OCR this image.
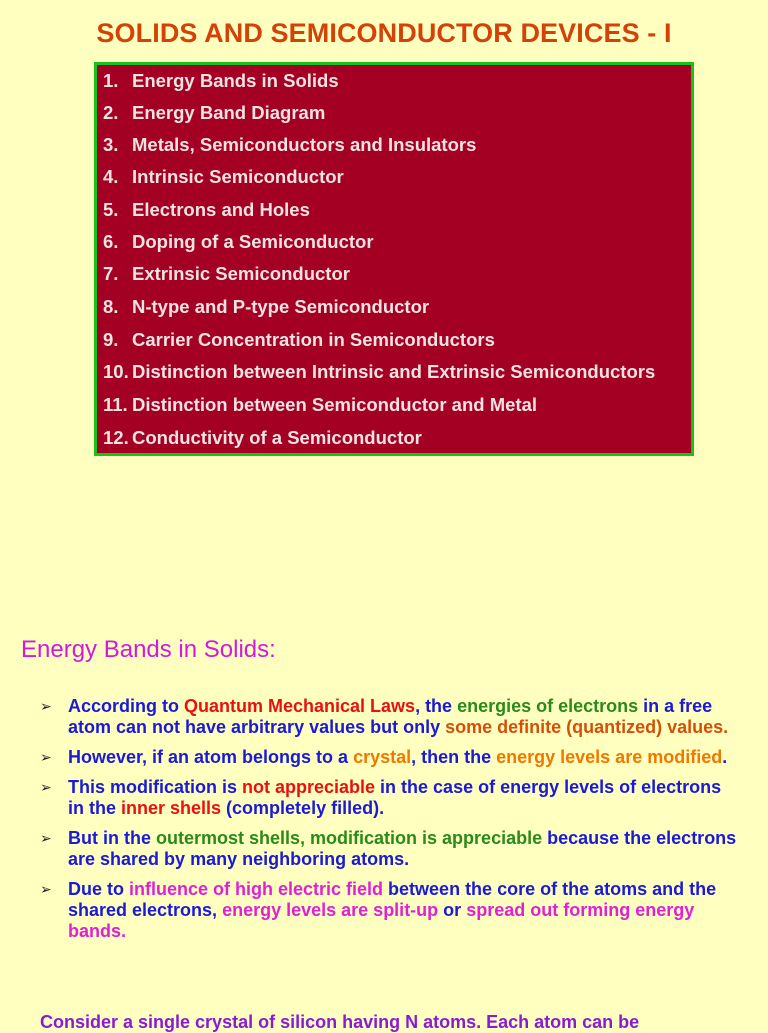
SOLIDS AND SEMICONDUCTOR DEVICES - I
1. Energy Bands in Solids
2. Energy Band Diagram
3. Metals, Semiconductors and Insulators
4. Intrinsic Semiconductor
5. Electrons and Holes
6. Doping of a Semiconductor
7. Extrinsic Semiconductor
8. N-type and P-type Semiconductor
9. Carrier Concentration in Semiconductors
10. Distinction between Intrinsic and Extrinsic Semiconductors
11. Distinction between Semiconductor and Metal
12. Conductivity of a Semiconductor
Energy Bands in Solids:
➢ According to Quantum Mechanical Laws, the energies of electrons in a free atom can not have arbitrary values but only some definite (quantized) values.
➢ However, if an atom belongs to a crystal, then the energy levels are modified.
➢ This modification is not appreciable in the case of energy levels of electrons in the inner shells (completely filled).
➢ But in the outermost shells, modification is appreciable because the electrons are shared by many neighboring atoms.
➢ Due to influence of high electric field between the core of the atoms and the shared electrons, energy levels are split-up or spread out forming energy bands.
Consider a single crystal of silicon having N atoms. Each atom can be
